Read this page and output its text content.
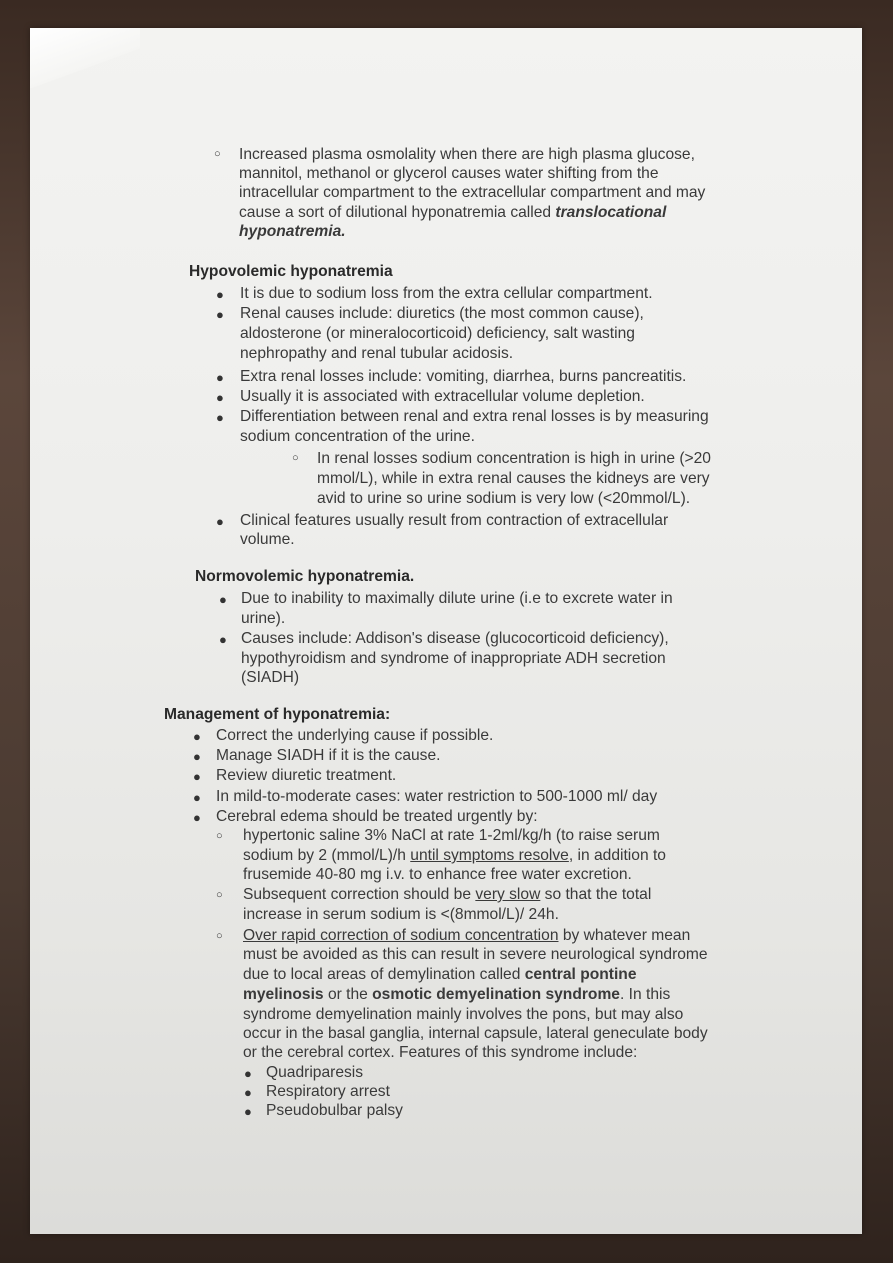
○ Increased plasma osmolality when there are high plasma glucose,
mannitol, methanol or glycerol causes water shifting from the
intracellular compartment to the extracellular compartment and may
cause a sort of dilutional hyponatremia called translocational
hyponatremia.
Hypovolemic hyponatremia
● It is due to sodium loss from the extra cellular compartment.
● Renal causes include: diuretics (the most common cause),
aldosterone (or mineralocorticoid) deficiency, salt wasting
nephropathy and renal tubular acidosis.
● Extra renal losses include: vomiting, diarrhea, burns pancreatitis.
● Usually it is associated with extracellular volume depletion.
● Differentiation between renal and extra renal losses is by measuring
sodium concentration of the urine.
○ In renal losses sodium concentration is high in urine (>20
mmol/L), while in extra renal causes the kidneys are very
avid to urine so urine sodium is very low (<20mmol/L).
● Clinical features usually result from contraction of extracellular
volume.
Normovolemic hyponatremia.
● Due to inability to maximally dilute urine (i.e to excrete water in
urine).
● Causes include: Addison's disease (glucocorticoid deficiency),
hypothyroidism and syndrome of inappropriate ADH secretion
(SIADH)
Management of hyponatremia:
● Correct the underlying cause if possible.
● Manage SIADH if it is the cause.
● Review diuretic treatment.
● In mild-to-moderate cases: water restriction to 500-1000 ml/ day
● Cerebral edema should be treated urgently by:
○ hypertonic saline 3% NaCl at rate 1-2ml/kg/h (to raise serum
sodium by 2 (mmol/L)/h until symptoms resolve, in addition to
frusemide 40-80 mg i.v. to enhance free water excretion.
○ Subsequent correction should be very slow so that the total
increase in serum sodium is <(8mmol/L)/ 24h.
○ Over rapid correction of sodium concentration by whatever mean
must be avoided as this can result in severe neurological syndrome
due to local areas of demylination called central pontine
myelinosis or the osmotic demyelination syndrome. In this
syndrome demyelination mainly involves the pons, but may also
occur in the basal ganglia, internal capsule, lateral geneculate body
or the cerebral cortex. Features of this syndrome include:
● Quadriparesis
● Respiratory arrest
● Pseudobulbar palsy
